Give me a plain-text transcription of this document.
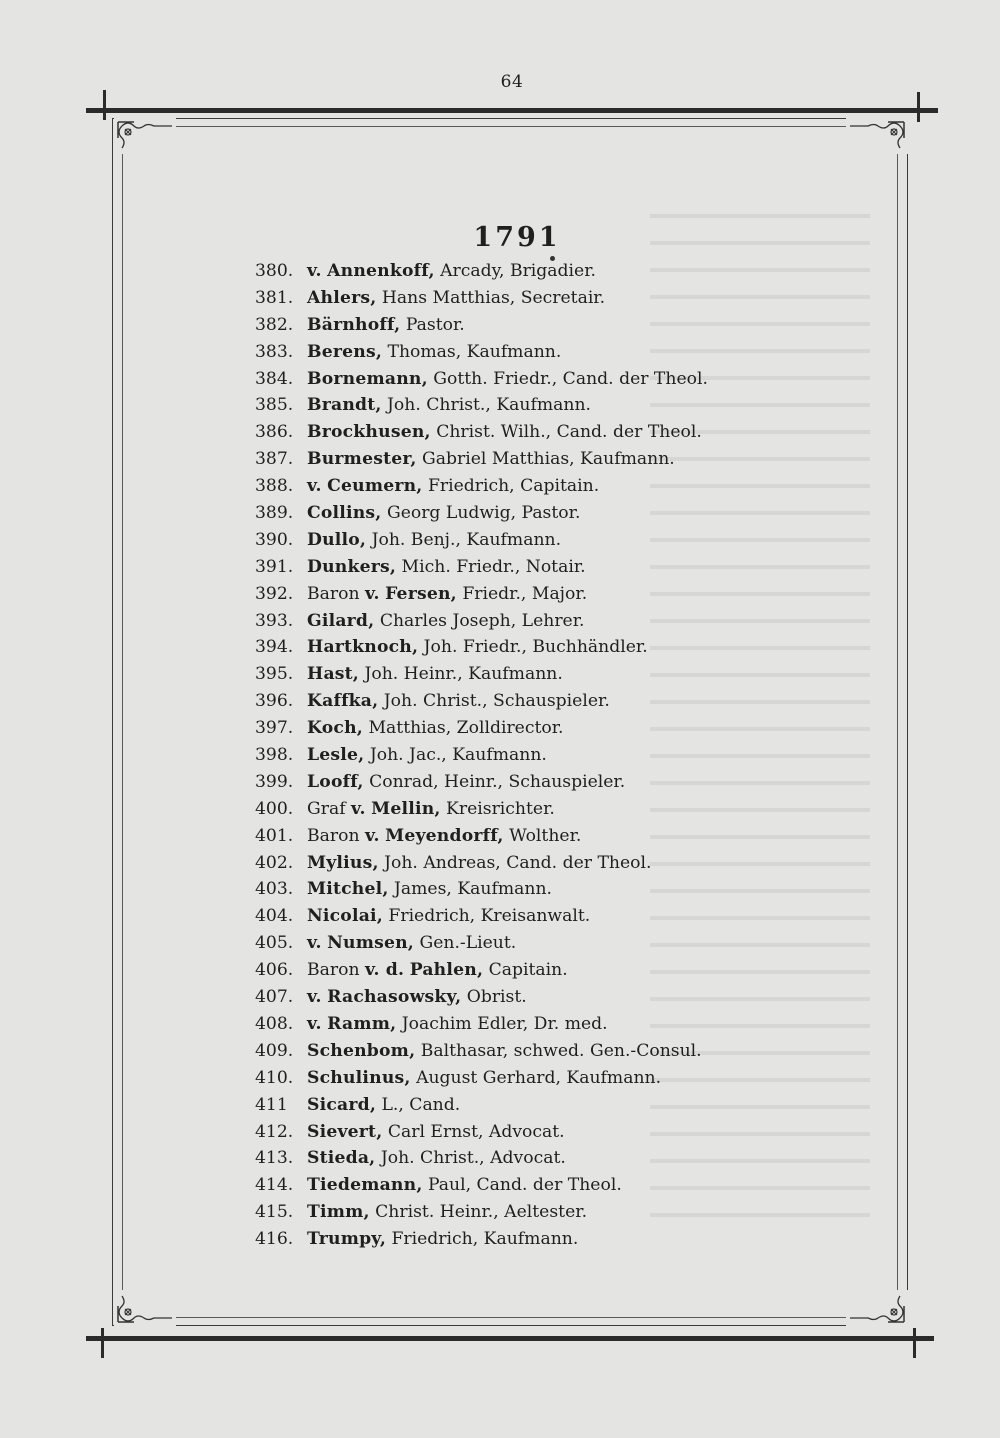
64
1791
380. v. Annenkoff, Arcady, Brigadier.
381. Ahlers, Hans Matthias, Secretair.
382. Bärnhoff, Pastor.
383. Berens, Thomas, Kaufmann.
384. Bornemann, Gotth. Friedr., Cand. der Theol.
385. Brandt, Joh. Christ., Kaufmann.
386. Brockhusen, Christ. Wilh., Cand. der Theol.
387. Burmester, Gabriel Matthias, Kaufmann.
388. v. Ceumern, Friedrich, Capitain.
389. Collins, Georg Ludwig, Pastor.
390. Dullo, Joh. Benj., Kaufmann.
391. Dunkers, Mich. Friedr., Notair.
392. Baron v. Fersen, Friedr., Major.
393. Gilard, Charles Joseph, Lehrer.
394. Hartknoch, Joh. Friedr., Buchhändler.
395. Hast, Joh. Heinr., Kaufmann.
396. Kaffka, Joh. Christ., Schauspieler.
397. Koch, Matthias, Zolldirector.
398. Lesle, Joh. Jac., Kaufmann.
399. Looff, Conrad, Heinr., Schauspieler.
400. Graf v. Mellin, Kreisrichter.
401. Baron v. Meyendorff, Wolther.
402. Mylius, Joh. Andreas, Cand. der Theol.
403. Mitchel, James, Kaufmann.
404. Nicolai, Friedrich, Kreisanwalt.
405. v. Numsen, Gen.-Lieut.
406. Baron v. d. Pahlen, Capitain.
407. v. Rachasowsky, Obrist.
408. v. Ramm, Joachim Edler, Dr. med.
409. Schenbom, Balthasar, schwed. Gen.-Consul.
410. Schulinus, August Gerhard, Kaufmann.
411 Sicard, L., Cand.
412. Sievert, Carl Ernst, Advocat.
413. Stieda, Joh. Christ., Advocat.
414. Tiedemann, Paul, Cand. der Theol.
415. Timm, Christ. Heinr., Aeltester.
416. Trumpy, Friedrich, Kaufmann.
